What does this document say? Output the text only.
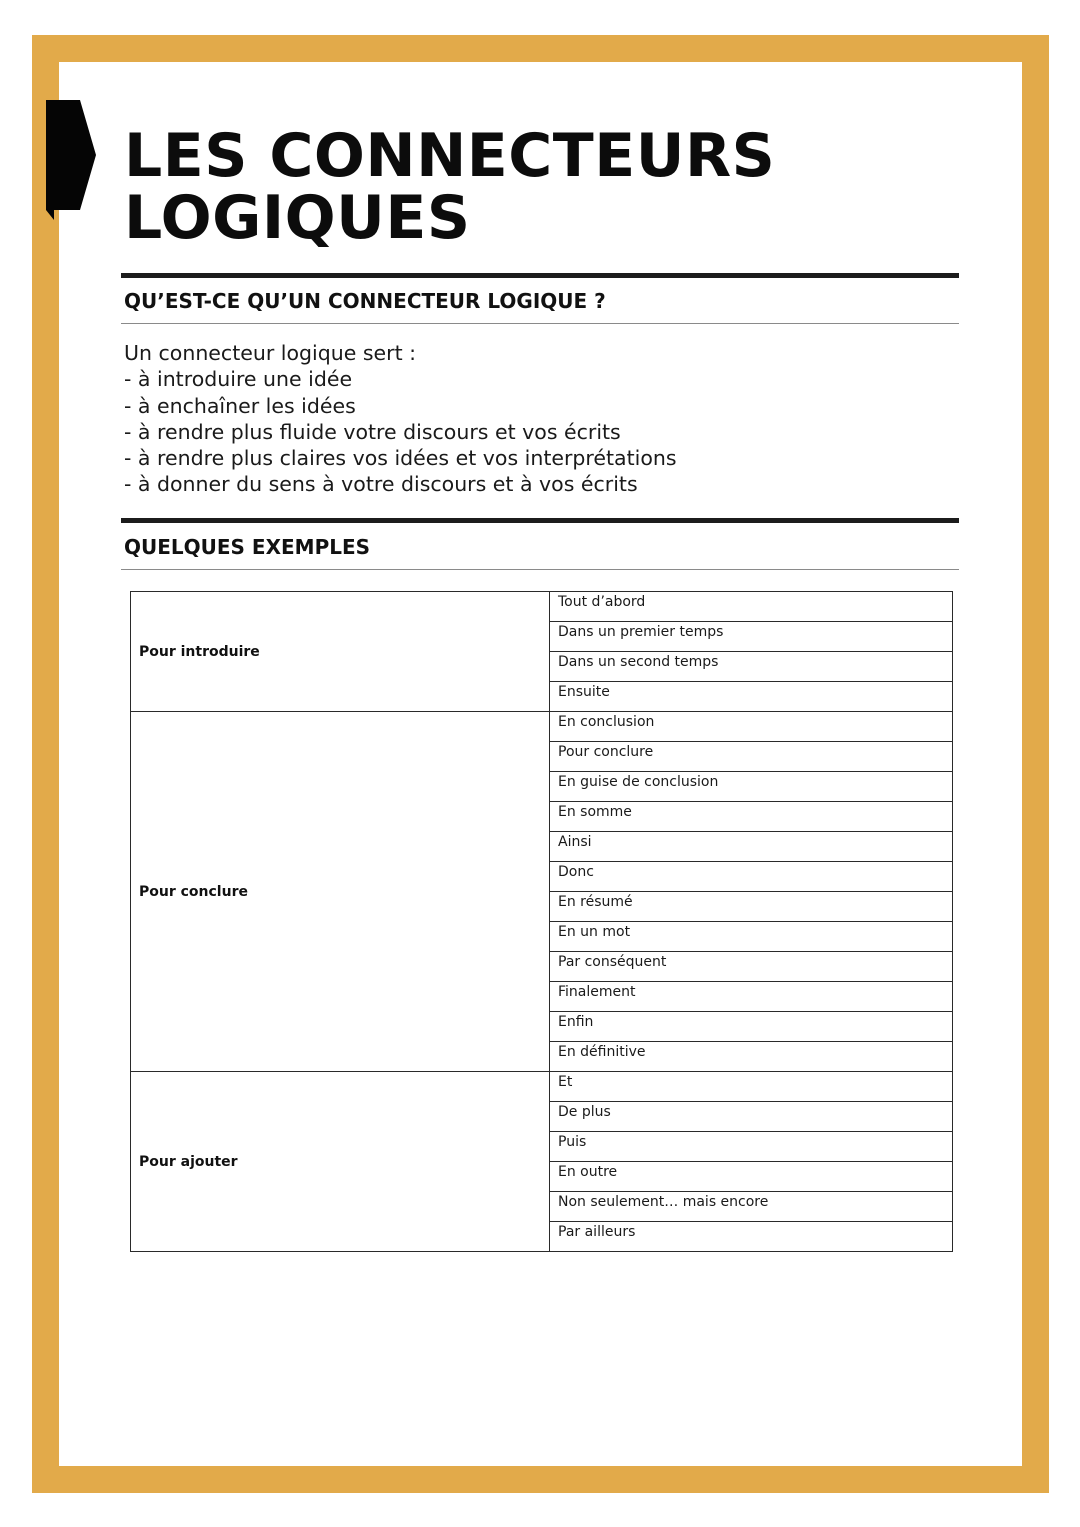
LES CONNECTEURS
LOGIQUES
QU’EST-CE QU’UN CONNECTEUR LOGIQUE ?
Un connecteur logique sert :
- à introduire une idée
- à enchaîner les idées
- à rendre plus fluide votre discours et vos écrits
- à rendre plus claires vos idées et vos interprétations
- à donner du sens à votre discours et à vos écrits
QUELQUES EXEMPLES
Pour introduire	Tout d’abord
	Dans un premier temps
	Dans un second temps
	Ensuite
Pour conclure	En conclusion
	Pour conclure
	En guise de conclusion
	En somme
	Ainsi
	Donc
	En résumé
	En un mot
	Par conséquent
	Finalement
	Enfin
	En définitive
Pour ajouter	Et
	De plus
	Puis
	En outre
	Non seulement… mais encore
	Par ailleurs
